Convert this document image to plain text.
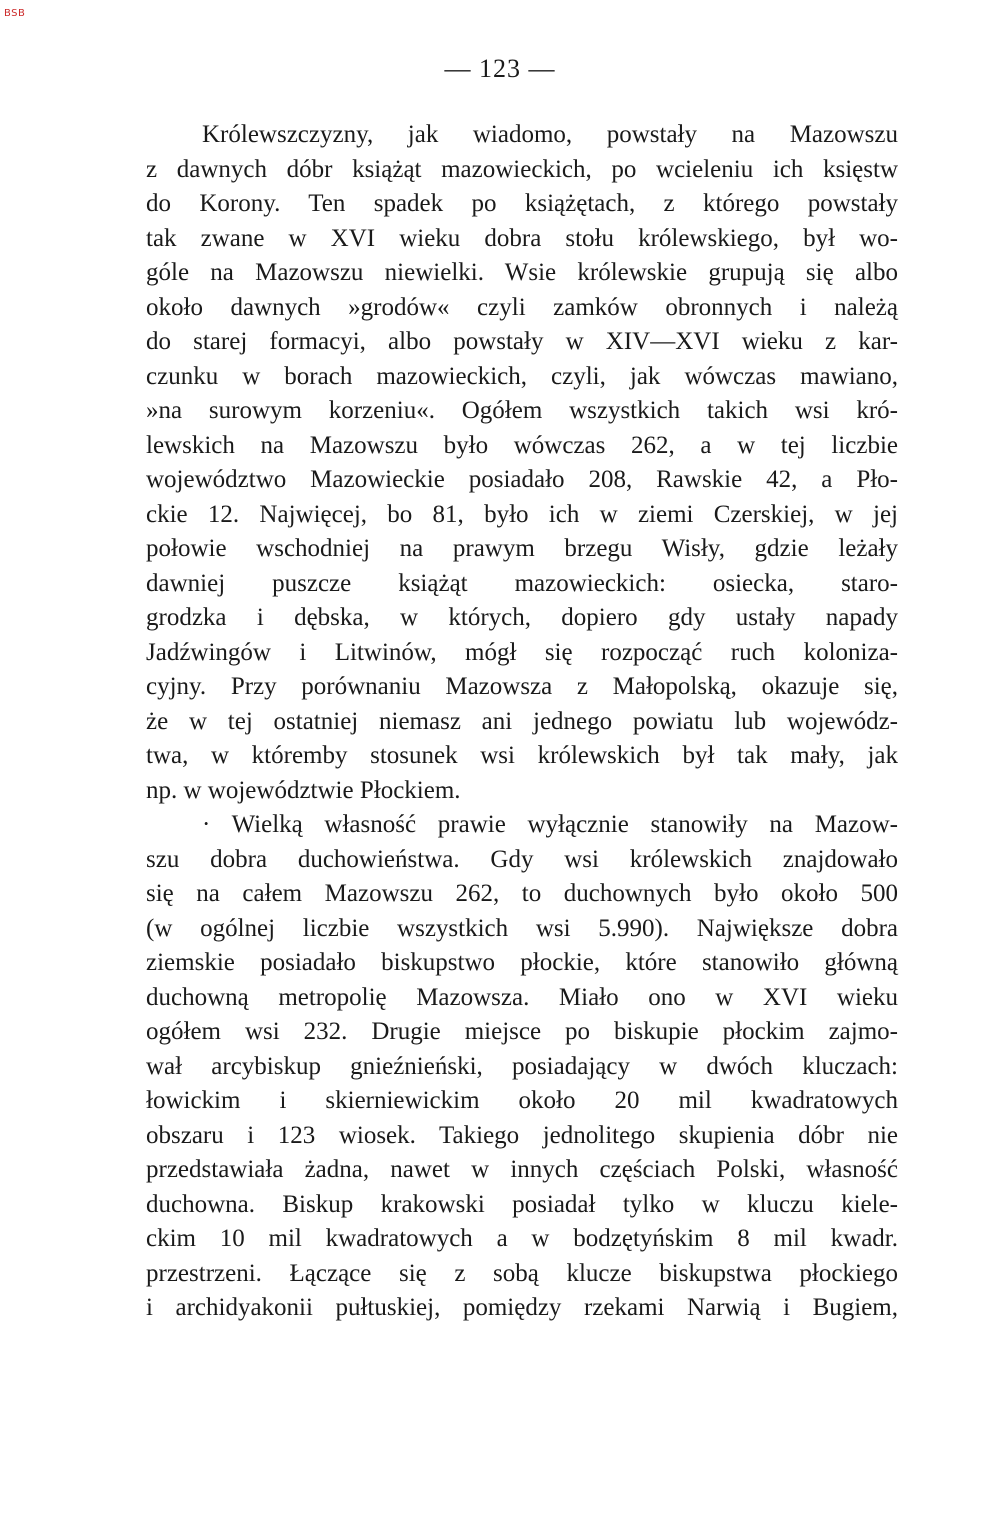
BSB
— 123 —
Królewszczyzny, jak wiadomo, powstały na Mazowszu
z dawnych dóbr książąt mazowieckich, po wcieleniu ich księstw
do Korony. Ten spadek po książętach, z którego powstały
tak zwane w XVI wieku dobra stołu królewskiego, był wo-
góle na Mazowszu niewielki. Wsie królewskie grupują się albo
około dawnych »grodów« czyli zamków obronnych i należą
do starej formacyi, albo powstały w XIV—XVI wieku z kar-
czunku w borach mazowieckich, czyli, jak wówczas mawiano,
»na surowym korzeniu«. Ogółem wszystkich takich wsi kró-
lewskich na Mazowszu było wówczas 262, a w tej liczbie
województwo Mazowieckie posiadało 208, Rawskie 42, a Pło-
ckie 12. Najwięcej, bo 81, było ich w ziemi Czerskiej, w jej
połowie wschodniej na prawym brzegu Wisły, gdzie leżały
dawniej puszcze książąt mazowieckich: osiecka, staro-
grodzka i dębska, w których, dopiero gdy ustały napady
Jadźwingów i Litwinów, mógł się rozpocząć ruch koloniza-
cyjny. Przy porównaniu Mazowsza z Małopolską, okazuje się,
że w tej ostatniej niemasz ani jednego powiatu lub wojewódz-
twa, w któremby stosunek wsi królewskich był tak mały, jak
np. w województwie Płockiem.
· Wielką własność prawie wyłącznie stanowiły na Mazow-
szu dobra duchowieństwa. Gdy wsi królewskich znajdowało
się na całem Mazowszu 262, to duchownych było około 500
(w ogólnej liczbie wszystkich wsi 5.990). Największe dobra
ziemskie posiadało biskupstwo płockie, które stanowiło główną
duchowną metropolię Mazowsza. Miało ono w XVI wieku
ogółem wsi 232. Drugie miejsce po biskupie płockim zajmo-
wał arcybiskup gnieźnieński, posiadający w dwóch kluczach:
łowickim i skierniewickim około 20 mil kwadratowych
obszaru i 123 wiosek. Takiego jednolitego skupienia dóbr nie
przedstawiała żadna, nawet w innych częściach Polski, własność
duchowna. Biskup krakowski posiadał tylko w kluczu kiele-
ckim 10 mil kwadratowych a w bodzętyńskim 8 mil kwadr.
przestrzeni. Łączące się z sobą klucze biskupstwa płockiego
i archidyakonii pułtuskiej, pomiędzy rzekami Narwią i Bugiem,
